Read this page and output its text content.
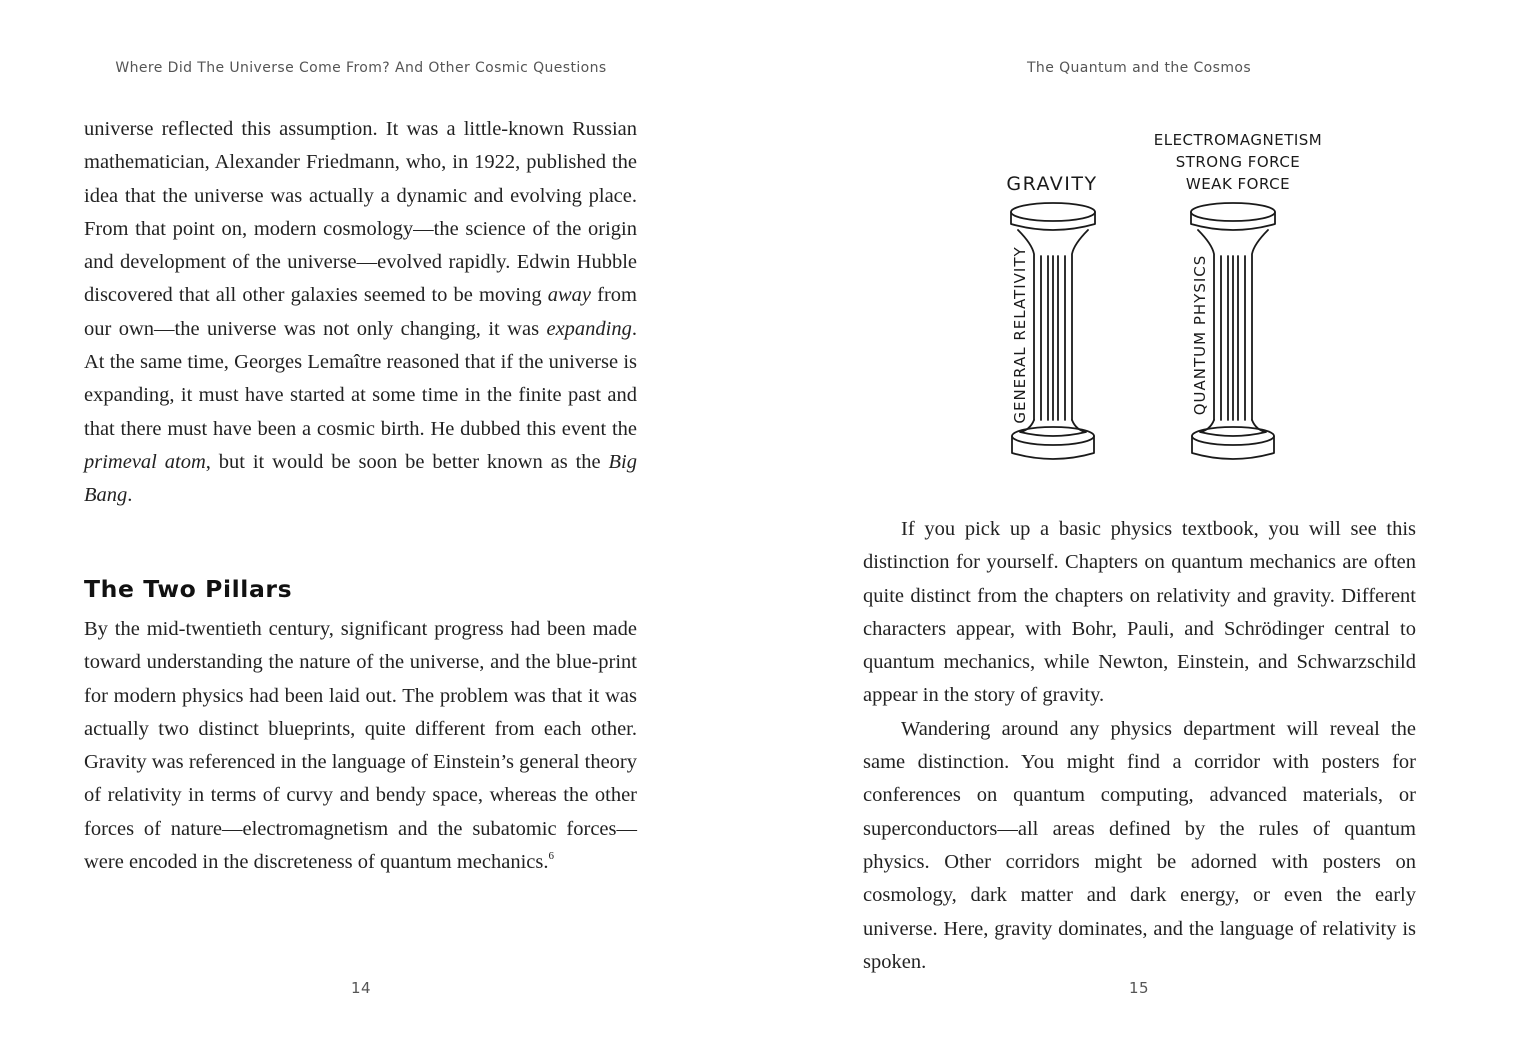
Where Did The Universe Come From? And Other Cosmic Questions

universe reflected this assumption. It was a little-known Russian mathematician, Alexander Friedmann, who, in 1922, published the idea that the universe was actually a dynamic and evolving place. From that point on, modern cosmology—the science of the origin and development of the universe—evolved rapidly. Edwin Hubble discovered that all other galaxies seemed to be moving away from our own—the universe was not only changing, it was expanding. At the same time, Georges Lemaître reasoned that if the universe is expanding, it must have started at some time in the finite past and that there must have been a cosmic birth. He dubbed this event the primeval atom, but it would be soon be better known as the Big Bang.

The Two Pillars

By the mid-twentieth century, significant progress had been made toward understanding the nature of the universe, and the blue-print for modern physics had been laid out. The problem was that it was actually two distinct blueprints, quite different from each other. Gravity was referenced in the language of Einstein’s general theory of relativity in terms of curvy and bendy space, whereas the other forces of nature—electromagnetism and the subatomic forces—were encoded in the discreteness of quantum mechanics.$^6$

14

The Quantum and the Cosmos

GRAVITY
GENERAL RELATIVITY
ELECTROMAGNETISM
STRONG FORCE
WEAK FORCE
QUANTUM PHYSICS

If you pick up a basic physics textbook, you will see this distinction for yourself. Chapters on quantum mechanics are often quite distinct from the chapters on relativity and gravity. Different characters appear, with Bohr, Pauli, and Schrödinger central to quantum mechanics, while Newton, Einstein, and Schwarzschild appear in the story of gravity.

Wandering around any physics department will reveal the same distinction. You might find a corridor with posters for conferences on quantum computing, advanced materials, or superconductors—all areas defined by the rules of quantum physics. Other corridors might be adorned with posters on cosmology, dark matter and dark energy, or even the early universe. Here, gravity dominates, and the language of relativity is spoken.

15
